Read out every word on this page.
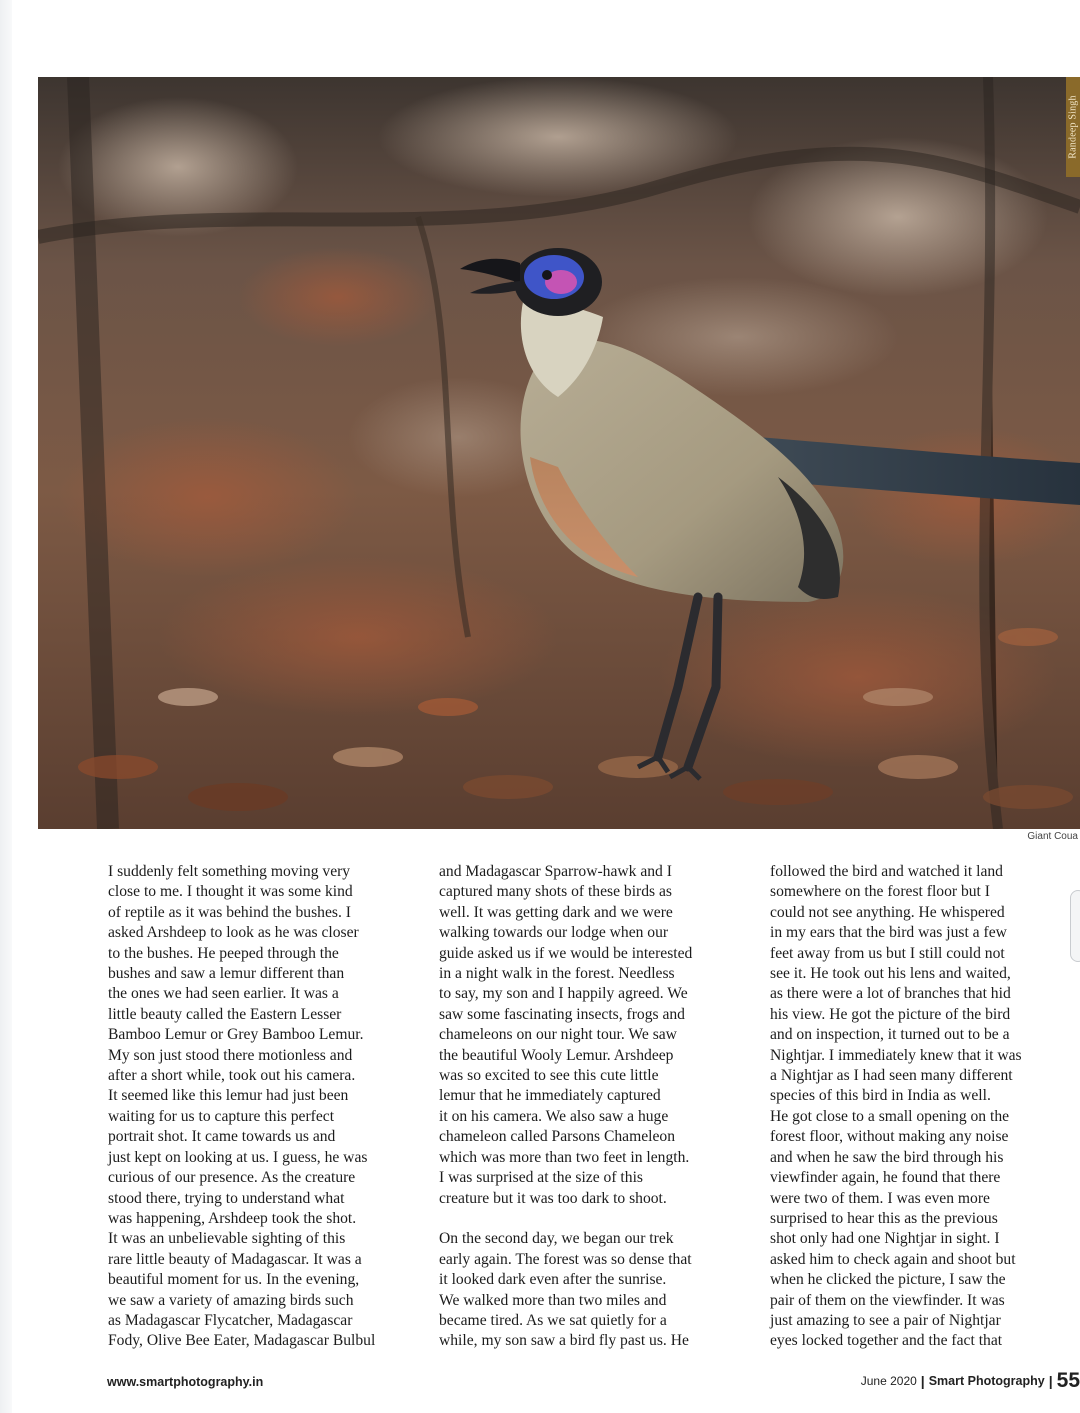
Randeep Singh
Giant Coua
I suddenly felt something moving very
close to me. I thought it was some kind
of reptile as it was behind the bushes. I
asked Arshdeep to look as he was closer
to the bushes. He peeped through the
bushes and saw a lemur different than
the ones we had seen earlier. It was a
little beauty called the Eastern Lesser
Bamboo Lemur or Grey Bamboo Lemur.
My son just stood there motionless and
after a short while, took out his camera.
It seemed like this lemur had just been
waiting for us to capture this perfect
portrait shot. It came towards us and
just kept on looking at us. I guess, he was
curious of our presence. As the creature
stood there, trying to understand what
was happening, Arshdeep took the shot.
It was an unbelievable sighting of this
rare little beauty of Madagascar. It was a
beautiful moment for us. In the evening,
we saw a variety of amazing birds such
as Madagascar Flycatcher, Madagascar
Fody, Olive Bee Eater, Madagascar Bulbul
and Madagascar Sparrow-hawk and I
captured many shots of these birds as
well. It was getting dark and we were
walking towards our lodge when our
guide asked us if we would be interested
in a night walk in the forest. Needless
to say, my son and I happily agreed. We
saw some fascinating insects, frogs and
chameleons on our night tour. We saw
the beautiful Wooly Lemur. Arshdeep
was so excited to see this cute little
lemur that he immediately captured
it on his camera. We also saw a huge
chameleon called Parsons Chameleon
which was more than two feet in length.
I was surprised at the size of this
creature but it was too dark to shoot.
On the second day, we began our trek
early again. The forest was so dense that
it looked dark even after the sunrise.
We walked more than two miles and
became tired. As we sat quietly for a
while, my son saw a bird fly past us. He
followed the bird and watched it land
somewhere on the forest floor but I
could not see anything. He whispered
in my ears that the bird was just a few
feet away from us but I still could not
see it. He took out his lens and waited,
as there were a lot of branches that hid
his view. He got the picture of the bird
and on inspection, it turned out to be a
Nightjar. I immediately knew that it was
a Nightjar as I had seen many different
species of this bird in India as well.
He got close to a small opening on the
forest floor, without making any noise
and when he saw the bird through his
viewfinder again, he found that there
were two of them. I was even more
surprised to hear this as the previous
shot only had one Nightjar in sight. I
asked him to check again and shoot but
when he clicked the picture, I saw the
pair of them on the viewfinder. It was
just amazing to see a pair of Nightjar
eyes locked together and the fact that
www.smartphotography.in	June 2020 | Smart Photography | 55
